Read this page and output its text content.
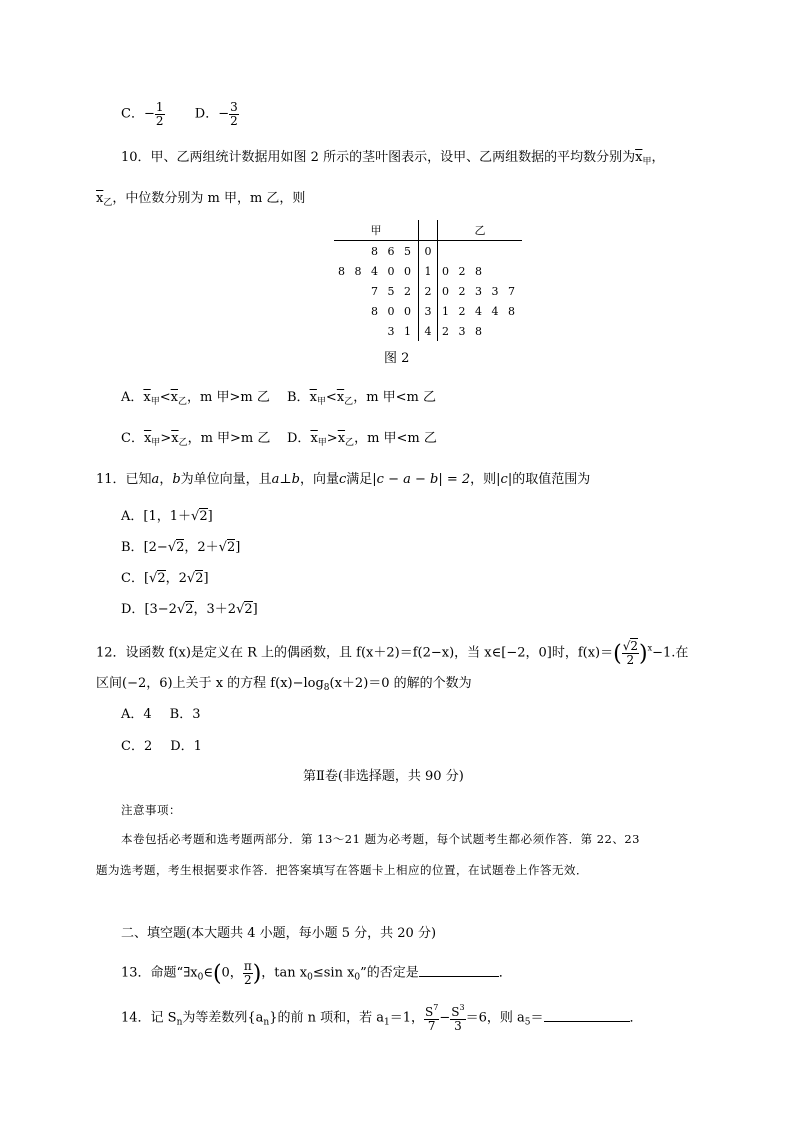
C．− $\frac{1}{2}$ D．− $\frac{3}{2}$
10．甲、乙两组统计数据用如图 2 所示的茎叶图表示，设甲、乙两组数据的平均数分别为$\overline{x}_甲$，
$\overline{x}_乙$，中位数分别为 m 甲，m 乙，则
甲		乙
8 6 5	0	
8 8 4 0 0	1	0 2 8
7 5 2	2	0 2 3 3 7
8 0 0	3	1 2 4 4 8
3 1	4	2 3 8
图 2
A．$\overline{x}_甲<\overline{x}_乙$，m 甲>m 乙 B．$\overline{x}_甲<\overline{x}_乙$，m 甲<m 乙
C．$\overline{x}_甲>\overline{x}_乙$，m 甲>m 乙 D．$\overline{x}_甲>\overline{x}_乙$，m 甲<m 乙
11．已知a，b为单位向量，且a⊥b，向量c满足|c − a − b| = 2，则|c|的取值范围为
A．[1，1＋√2]
B．[2−√2，2＋√2]
C．[√2，2√2]
D．[3−2√2，3＋2√2]
12．设函数 f(x)是定义在 R 上的偶函数，且 f(x＋2)＝f(2−x)，当 x∈[−2，0]时，$f(x)=( \frac{√2}{2} )^x-1$.在
区间(−2，6)上关于 x 的方程 $f(x)-\log_8(x+2)=0$ 的解的个数为
A．4 B．3
C．2 D．1
第Ⅱ卷(非选择题，共 90 分)
注意事项：
本卷包括必考题和选考题两部分．第 13～21 题为必考题，每个试题考生都必须作答．第 22、23
题为选考题，考生根据要求作答．把答案填写在答题卡上相应的位置，在试题卷上作答无效．
二、填空题(本大题共 4 小题，每小题 5 分，共 20 分)
13．命题“$\exists x_0\in(0$， $\frac{\pi}{2}$ )，$\tan x_0\le\sin$ $x_0$”的否定是	．
14．记 $S_n$为等差数列$\{a_n\}$的前 n 项和，若 $a_1=1$， $\frac{S^7}{7} - \frac{S^3}{3} =6$，则 $a_5=$	．
